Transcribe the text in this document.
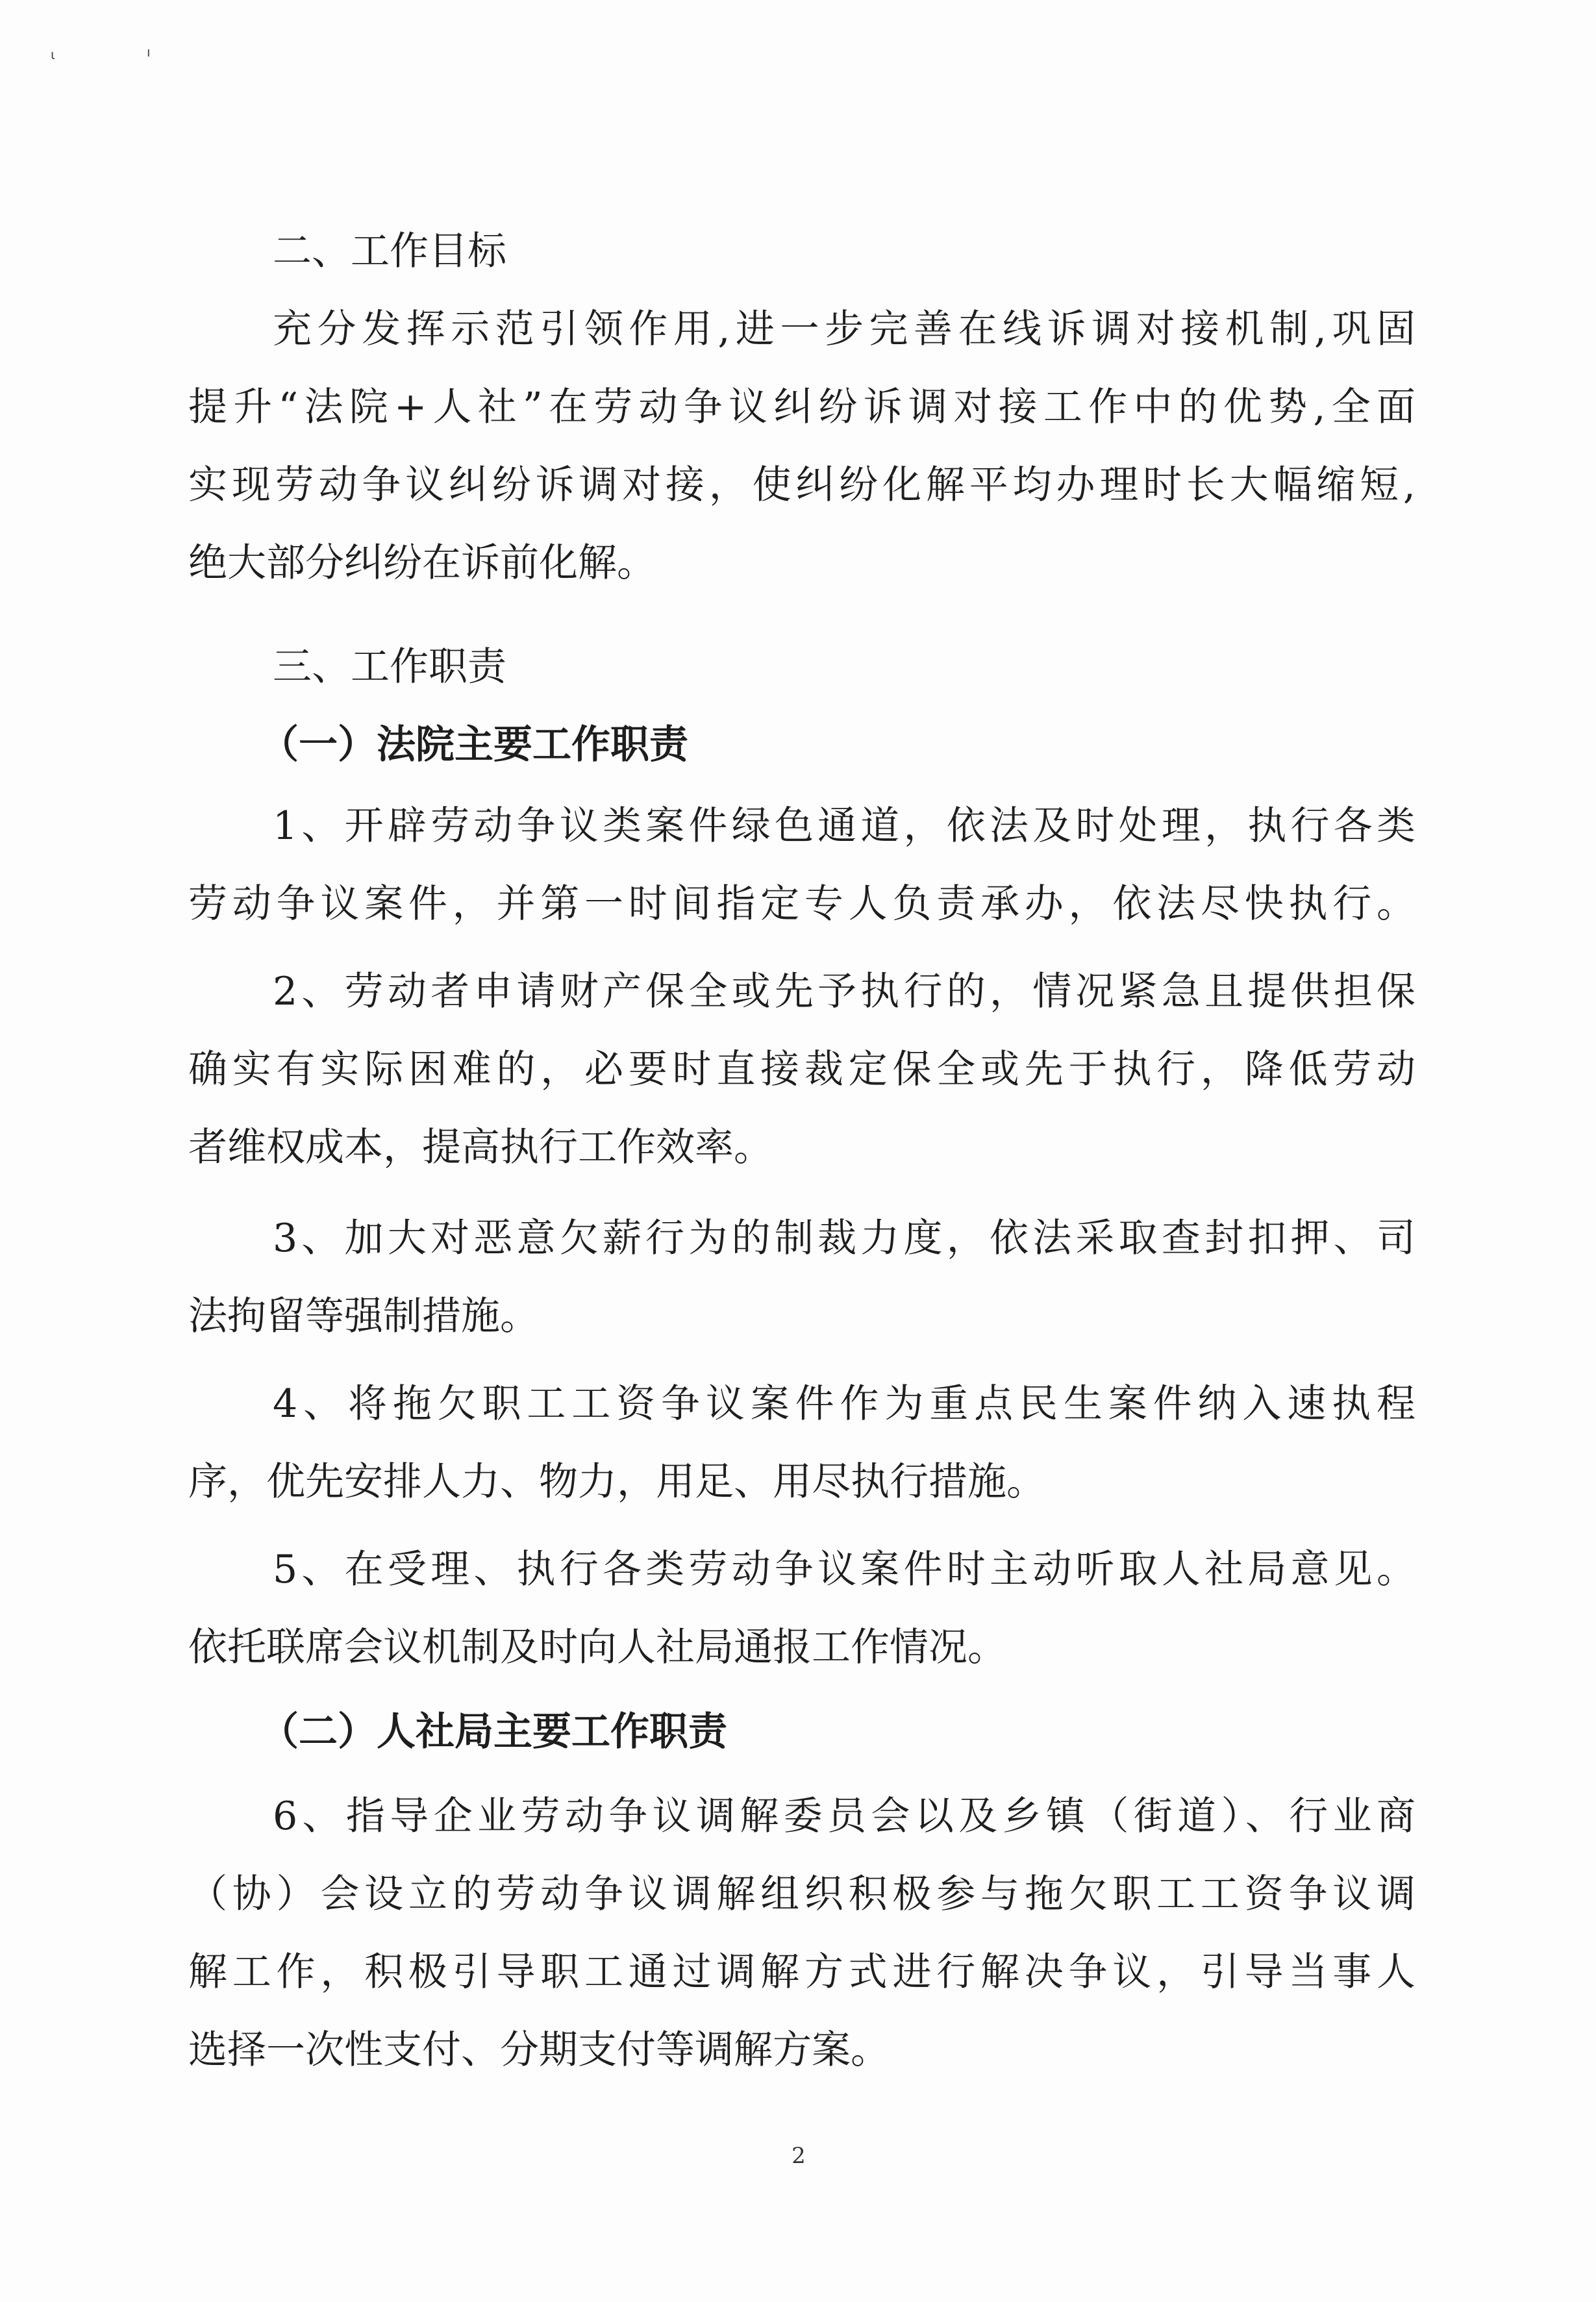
ι	ı
二、工作目标
充分发挥示范引领作用,进一步完善在线诉调对接机制,巩固
提升“法院+人社”在劳动争议纠纷诉调对接工作中的优势,全面
实现劳动争议纠纷诉调对接，使纠纷化解平均办理时长大幅缩短,
绝大部分纠纷在诉前化解。
三、工作职责
（一）法院主要工作职责
1、开辟劳动争议类案件绿色通道，依法及时处理，执行各类
劳动争议案件，并第一时间指定专人负责承办，依法尽快执行。
2、劳动者申请财产保全或先予执行的，情况紧急且提供担保
确实有实际困难的，必要时直接裁定保全或先于执行，降低劳动
者维权成本，提高执行工作效率。
3、加大对恶意欠薪行为的制裁力度，依法采取查封扣押、司
法拘留等强制措施。
4、将拖欠职工工资争议案件作为重点民生案件纳入速执程
序，优先安排人力、物力，用足、用尽执行措施。
5、在受理、执行各类劳动争议案件时主动听取人社局意见。
依托联席会议机制及时向人社局通报工作情况。
（二）人社局主要工作职责
6、指导企业劳动争议调解委员会以及乡镇（街道）、行业商
（协）会设立的劳动争议调解组织积极参与拖欠职工工资争议调
解工作，积极引导职工通过调解方式进行解决争议，引导当事人
选择一次性支付、分期支付等调解方案。
2
